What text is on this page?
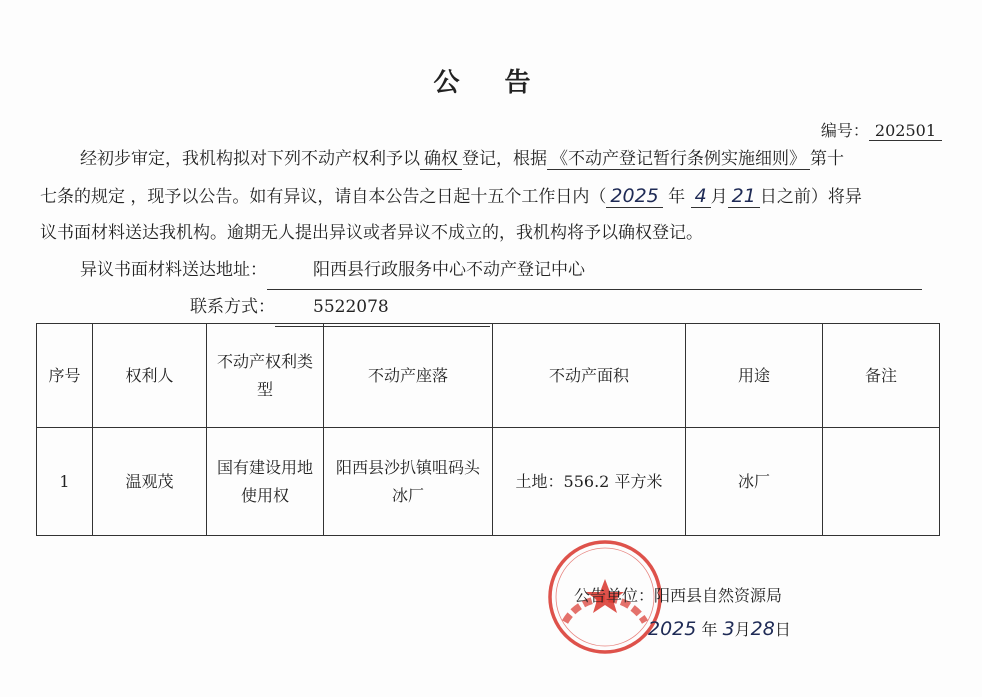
公 告
编号： 202501
经初步审定，我机构拟对下列不动产权利予以 确权 登记，根据 《不动产登记暂行条例实施细则》 第十
七条的规定 ，现予以公告。如有异议，请自本公告之日起十五个工作日内（ 2025 年 4 月 21 日之前）将异
议书面材料送达我机构。逾期无人提出异议或者异议不成立的，我机构将予以确权登记。
异议书面材料送达地址：	阳西县行政服务中心不动产登记中心
联系方式： 5522078
序号	权利人	不动产权利类型	不动产座落	不动产面积	用途	备注
1	温观茂	国有建设用地使用权	阳西县沙扒镇咀码头冰厂	土地：556.2 平方米	冰厂	
公告单位：阳西县自然资源局
2025 年 3月28日
